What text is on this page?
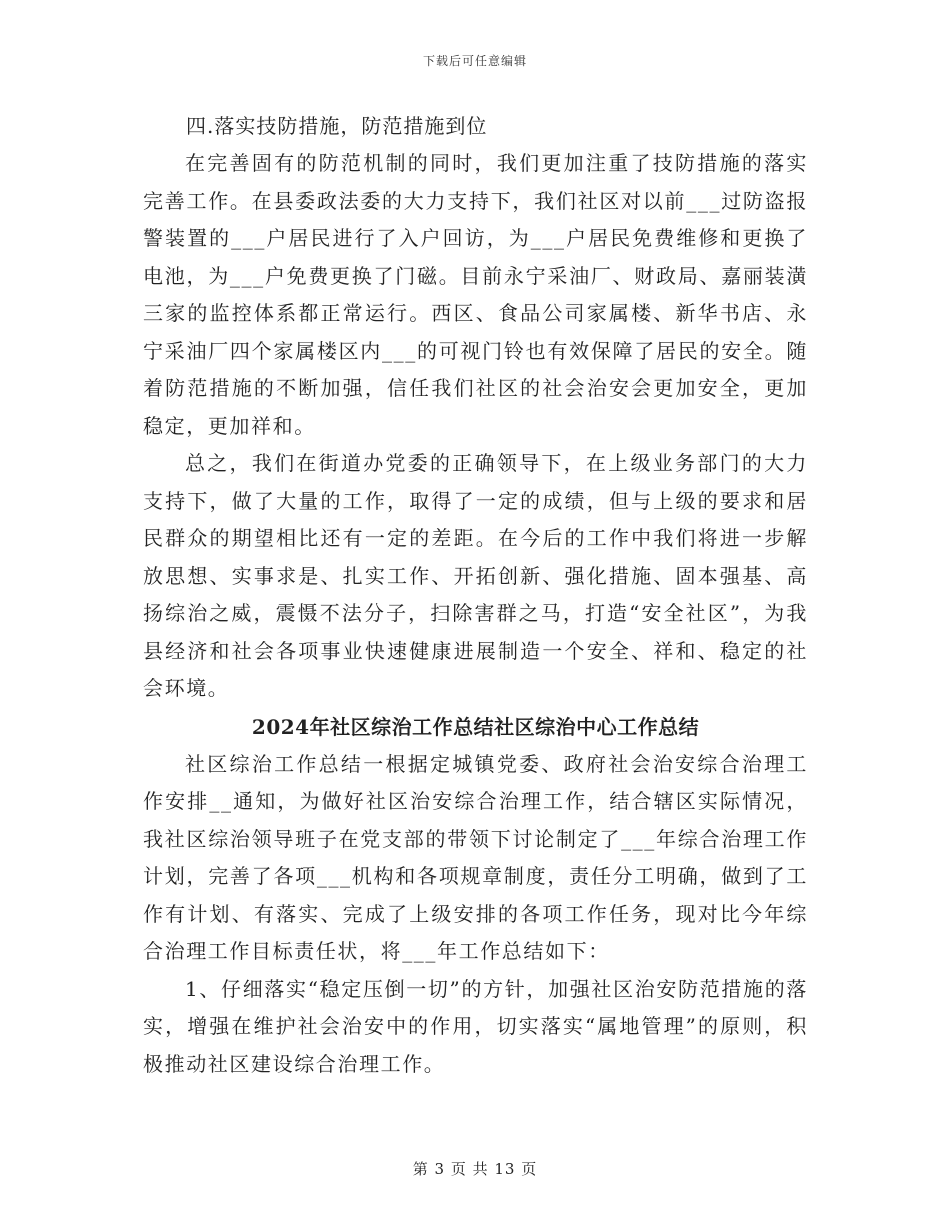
下载后可任意编辑

四.落实技防措施，防范措施到位

在完善固有的防范机制的同时，我们更加注重了技防措施的落实完善工作。在县委政法委的大力支持下，我们社区对以前___过防盗报警装置的___户居民进行了入户回访，为___户居民免费维修和更换了电池，为___户免费更换了门磁。目前永宁采油厂、财政局、嘉丽装潢三家的监控体系都正常运行。西区、食品公司家属楼、新华书店、永宁采油厂四个家属楼区内___的可视门铃也有效保障了居民的安全。随着防范措施的不断加强，信任我们社区的社会治安会更加安全，更加稳定，更加祥和。

总之，我们在街道办党委的正确领导下，在上级业务部门的大力支持下，做了大量的工作，取得了一定的成绩，但与上级的要求和居民群众的期望相比还有一定的差距。在今后的工作中我们将进一步解放思想、实事求是、扎实工作、开拓创新、强化措施、固本强基、高扬综治之威，震慑不法分子，扫除害群之马，打造“安全社区”，为我县经济和社会各项事业快速健康进展制造一个安全、祥和、稳定的社会环境。

2024年社区综治工作总结社区综治中心工作总结

社区综治工作总结一根据定城镇党委、政府社会治安综合治理工作安排__通知，为做好社区治安综合治理工作，结合辖区实际情况，我社区综治领导班子在党支部的带领下讨论制定了___年综合治理工作计划，完善了各项___机构和各项规章制度，责任分工明确，做到了工作有计划、有落实、完成了上级安排的各项工作任务，现对比今年综合治理工作目标责任状，将___年工作总结如下：

1、仔细落实“稳定压倒一切”的方针，加强社区治安防范措施的落实，增强在维护社会治安中的作用，切实落实“属地管理”的原则，积极推动社区建设综合治理工作。

第 3 页 共 13 页
